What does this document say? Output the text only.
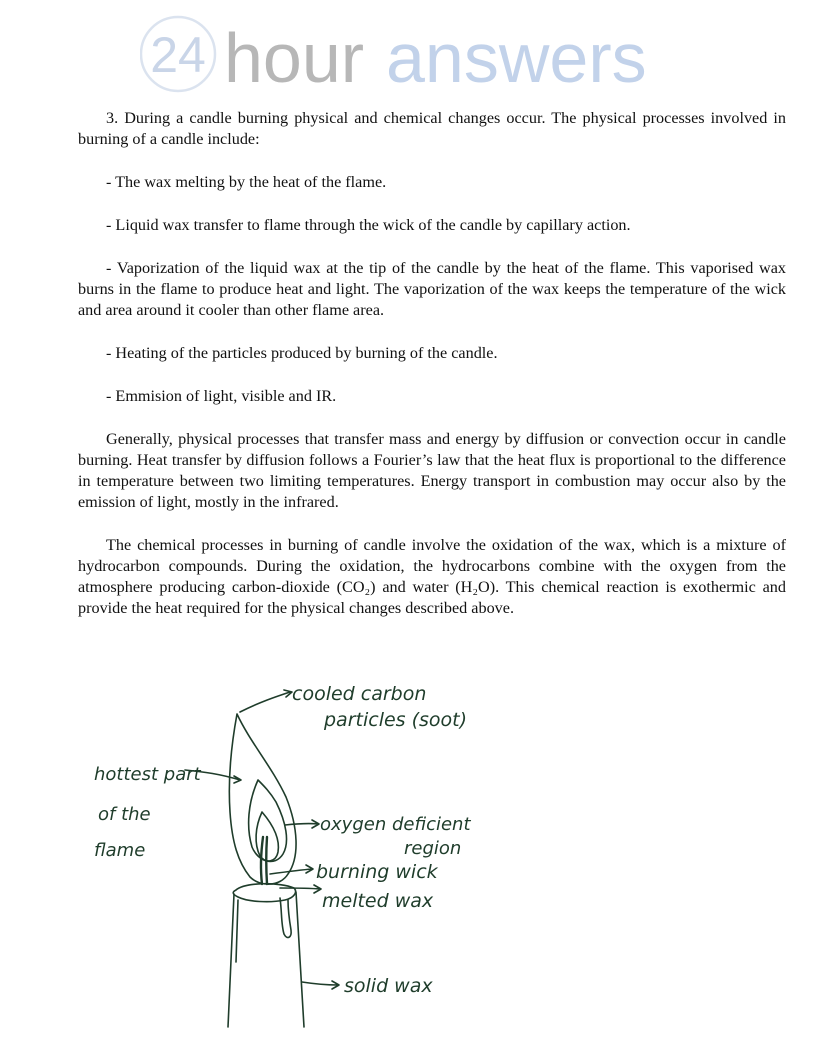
24 hour answers

3. During a candle burning physical and chemical changes occur. The physical processes involved in burning of a candle include:

- The wax melting by the heat of the flame.

- Liquid wax transfer to flame through the wick of the candle by capillary action.

- Vaporization of the liquid wax at the tip of the candle by the heat of the flame. This vaporised wax burns in the flame to produce heat and light. The vaporization of the wax keeps the temperature of the wick and area around it cooler than other flame area.

- Heating of the particles produced by burning of the candle.

- Emmision of light, visible and IR.

Generally, physical processes that transfer mass and energy by diffusion or convection occur in candle burning. Heat transfer by diffusion follows a Fourier’s law that the heat flux is proportional to the difference in temperature between two limiting temperatures. Energy transport in combustion may occur also by the emission of light, mostly in the infrared.

The chemical processes in burning of candle involve the oxidation of the wax, which is a mixture of hydrocarbon compounds. During the oxidation, the hydrocarbons combine with the oxygen from the atmosphere producing carbon-dioxide (CO₂) and water (H₂O). This chemical reaction is exothermic and provide the heat required for the physical changes described above.

cooled carbon
particles (soot)
hottest part
of the
flame
oxygen deficient
region
burning wick
melted wax
solid wax
